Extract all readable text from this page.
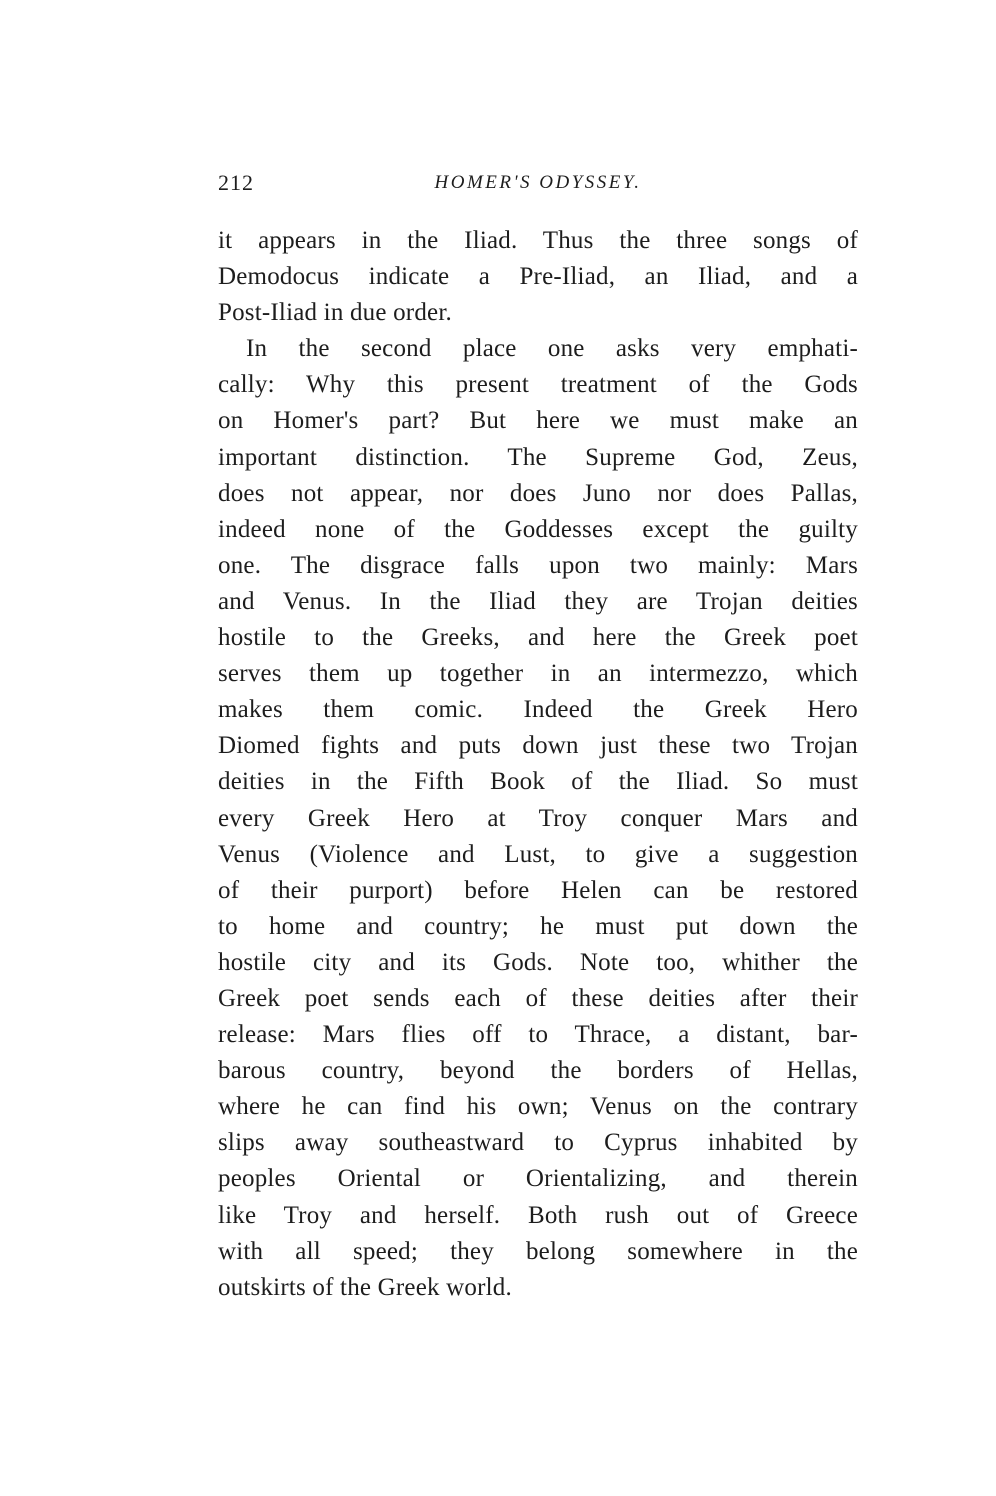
212	HOMER'S ODYSSEY.
it appears in the Iliad. Thus the three songs of
Demodocus indicate a Pre-Iliad, an Iliad, and a
Post-Iliad in due order.
In the second place one asks very emphati-
cally: Why this present treatment of the Gods
on Homer's part? But here we must make an
important distinction. The Supreme God, Zeus,
does not appear, nor does Juno nor does Pallas,
indeed none of the Goddesses except the guilty
one. The disgrace falls upon two mainly: Mars
and Venus. In the Iliad they are Trojan deities
hostile to the Greeks, and here the Greek poet
serves them up together in an intermezzo, which
makes them comic. Indeed the Greek Hero
Diomed fights and puts down just these two Trojan
deities in the Fifth Book of the Iliad. So must
every Greek Hero at Troy conquer Mars and
Venus (Violence and Lust, to give a suggestion
of their purport) before Helen can be restored
to home and country; he must put down the
hostile city and its Gods. Note too, whither the
Greek poet sends each of these deities after their
release: Mars flies off to Thrace, a distant, bar-
barous country, beyond the borders of Hellas,
where he can find his own; Venus on the contrary
slips away southeastward to Cyprus inhabited by
peoples Oriental or Orientalizing, and therein
like Troy and herself. Both rush out of Greece
with all speed; they belong somewhere in the
outskirts of the Greek world.
